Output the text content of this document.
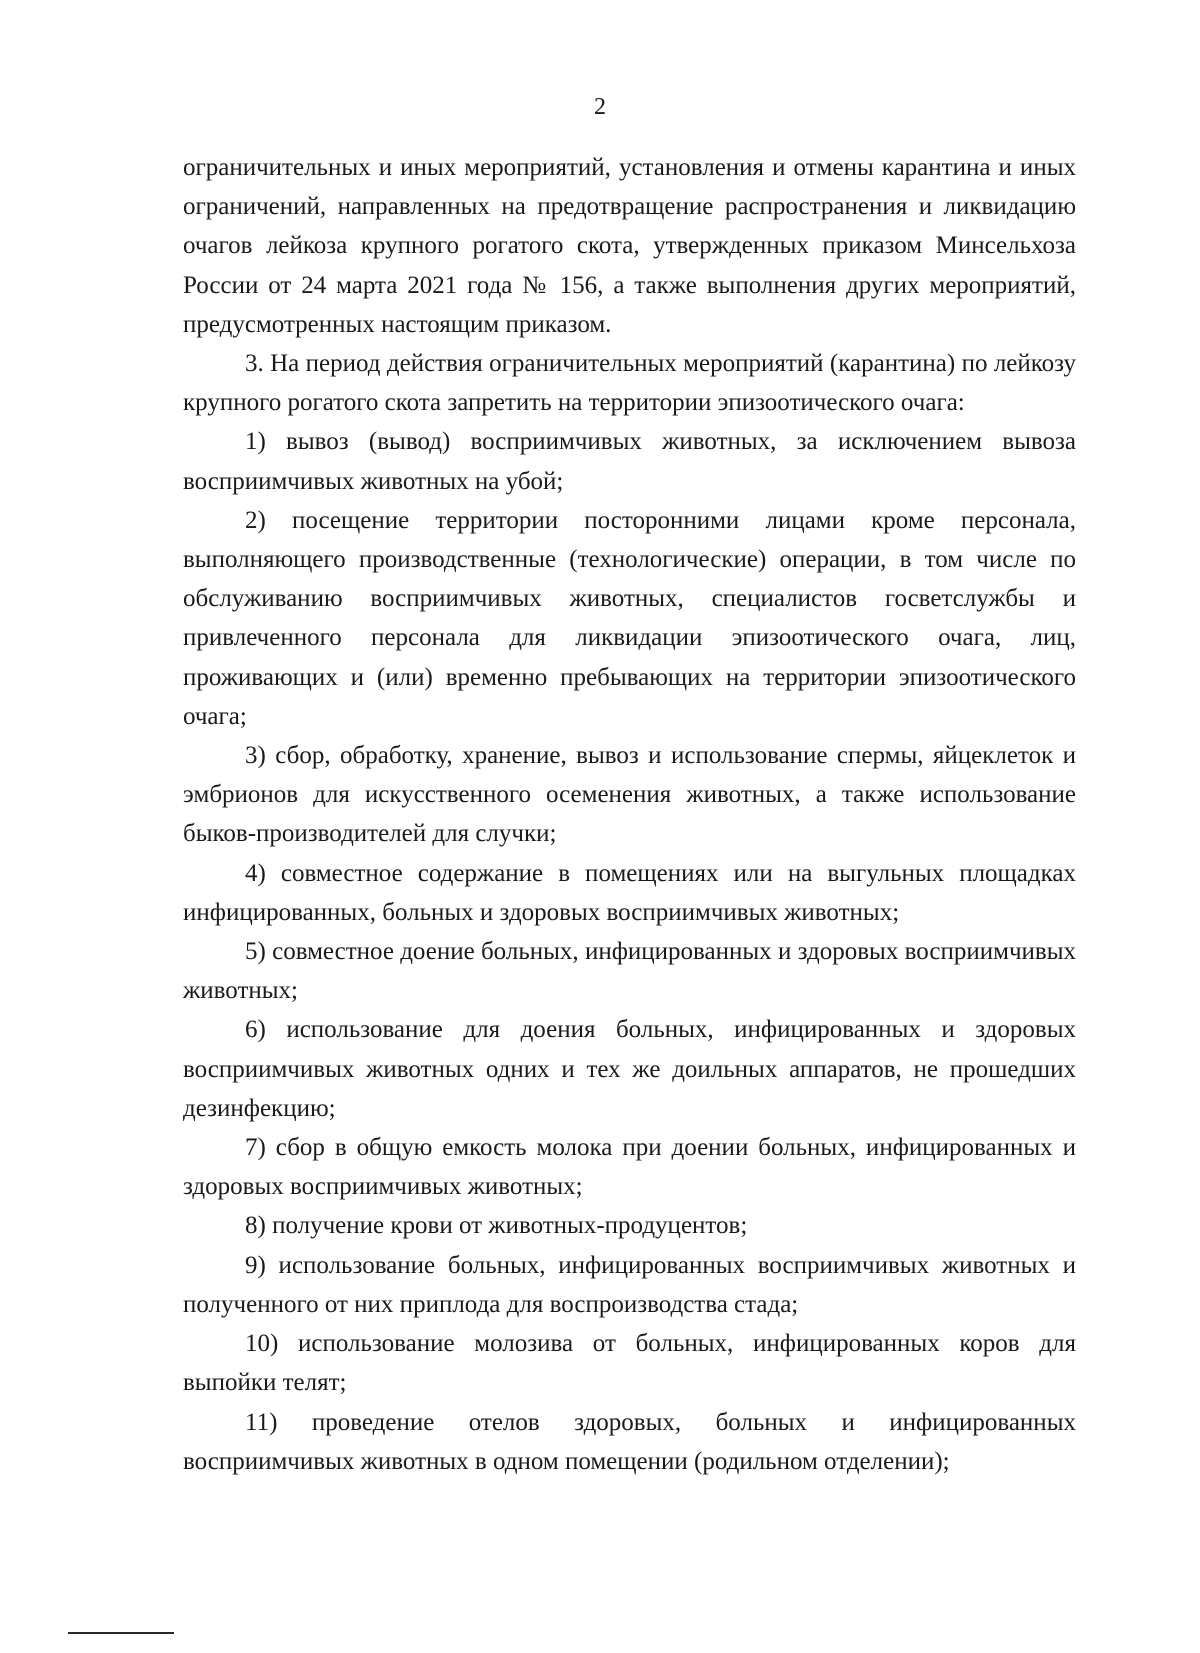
2

ограничительных и иных мероприятий, установления и отмены карантина и иных ограничений, направленных на предотвращение распространения и ликвидацию очагов лейкоза крупного рогатого скота, утвержденных приказом Минсельхоза России от 24 марта 2021 года № 156, а также выполнения других мероприятий, предусмотренных настоящим приказом.

3. На период действия ограничительных мероприятий (карантина) по лейкозу крупного рогатого скота запретить на территории эпизоотического очага:

1) вывоз (вывод) восприимчивых животных, за исключением вывоза восприимчивых животных на убой;

2) посещение территории посторонними лицами кроме персонала, выполняющего производственные (технологические) операции, в том числе по обслуживанию восприимчивых животных, специалистов госветслужбы и привлеченного персонала для ликвидации эпизоотического очага, лиц, проживающих и (или) временно пребывающих на территории эпизоотического очага;

3) сбор, обработку, хранение, вывоз и использование спермы, яйцеклеток и эмбрионов для искусственного осеменения животных, а также использование быков-производителей для случки;

4) совместное содержание в помещениях или на выгульных площадках инфицированных, больных и здоровых восприимчивых животных;

5) совместное доение больных, инфицированных и здоровых восприимчивых животных;

6) использование для доения больных, инфицированных и здоровых восприимчивых животных одних и тех же доильных аппаратов, не прошедших дезинфекцию;

7) сбор в общую емкость молока при доении больных, инфицированных и здоровых восприимчивых животных;

8) получение крови от животных-продуцентов;

9) использование больных, инфицированных восприимчивых животных и полученного от них приплода для воспроизводства стада;

10) использование молозива от больных, инфицированных коров для выпойки телят;

11) проведение отелов здоровых, больных и инфицированных восприимчивых животных в одном помещении (родильном отделении);
